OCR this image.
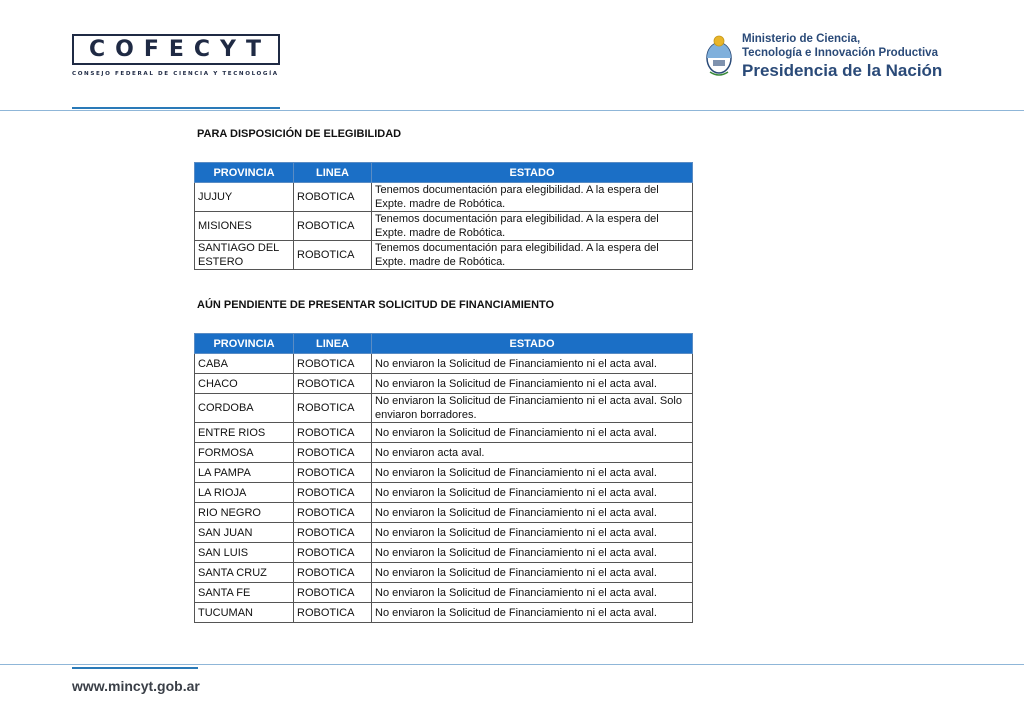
COFECYT
CONSEJO FEDERAL DE CIENCIA Y TECNOLOGÍA
Ministerio de Ciencia,
Tecnología e Innovación Productiva
Presidencia de la Nación
PARA DISPOSICIÓN DE ELEGIBILIDAD
PROVINCIA	LINEA	ESTADO
JUJUY	ROBOTICA	Tenemos documentación para elegibilidad. A la espera del Expte. madre de Robótica.
MISIONES	ROBOTICA	Tenemos documentación para elegibilidad. A la espera del Expte. madre de Robótica.
SANTIAGO DEL ESTERO	ROBOTICA	Tenemos documentación para elegibilidad. A la espera del Expte. madre de Robótica.
AÚN PENDIENTE DE PRESENTAR SOLICITUD DE FINANCIAMIENTO
PROVINCIA	LINEA	ESTADO
CABA	ROBOTICA	No enviaron la Solicitud de Financiamiento ni el acta aval.
CHACO	ROBOTICA	No enviaron la Solicitud de Financiamiento ni el acta aval.
CORDOBA	ROBOTICA	No enviaron la Solicitud de Financiamiento ni el acta aval. Solo enviaron borradores.
ENTRE RIOS	ROBOTICA	No enviaron la Solicitud de Financiamiento ni el acta aval.
FORMOSA	ROBOTICA	No enviaron acta aval.
LA PAMPA	ROBOTICA	No enviaron la Solicitud de Financiamiento ni el acta aval.
LA RIOJA	ROBOTICA	No enviaron la Solicitud de Financiamiento ni el acta aval.
RIO NEGRO	ROBOTICA	No enviaron la Solicitud de Financiamiento ni el acta aval.
SAN JUAN	ROBOTICA	No enviaron la Solicitud de Financiamiento ni el acta aval.
SAN LUIS	ROBOTICA	No enviaron la Solicitud de Financiamiento ni el acta aval.
SANTA CRUZ	ROBOTICA	No enviaron la Solicitud de Financiamiento ni el acta aval.
SANTA FE	ROBOTICA	No enviaron la Solicitud de Financiamiento ni el acta aval.
TUCUMAN	ROBOTICA	No enviaron la Solicitud de Financiamiento ni el acta aval.
www.mincyt.gob.ar
